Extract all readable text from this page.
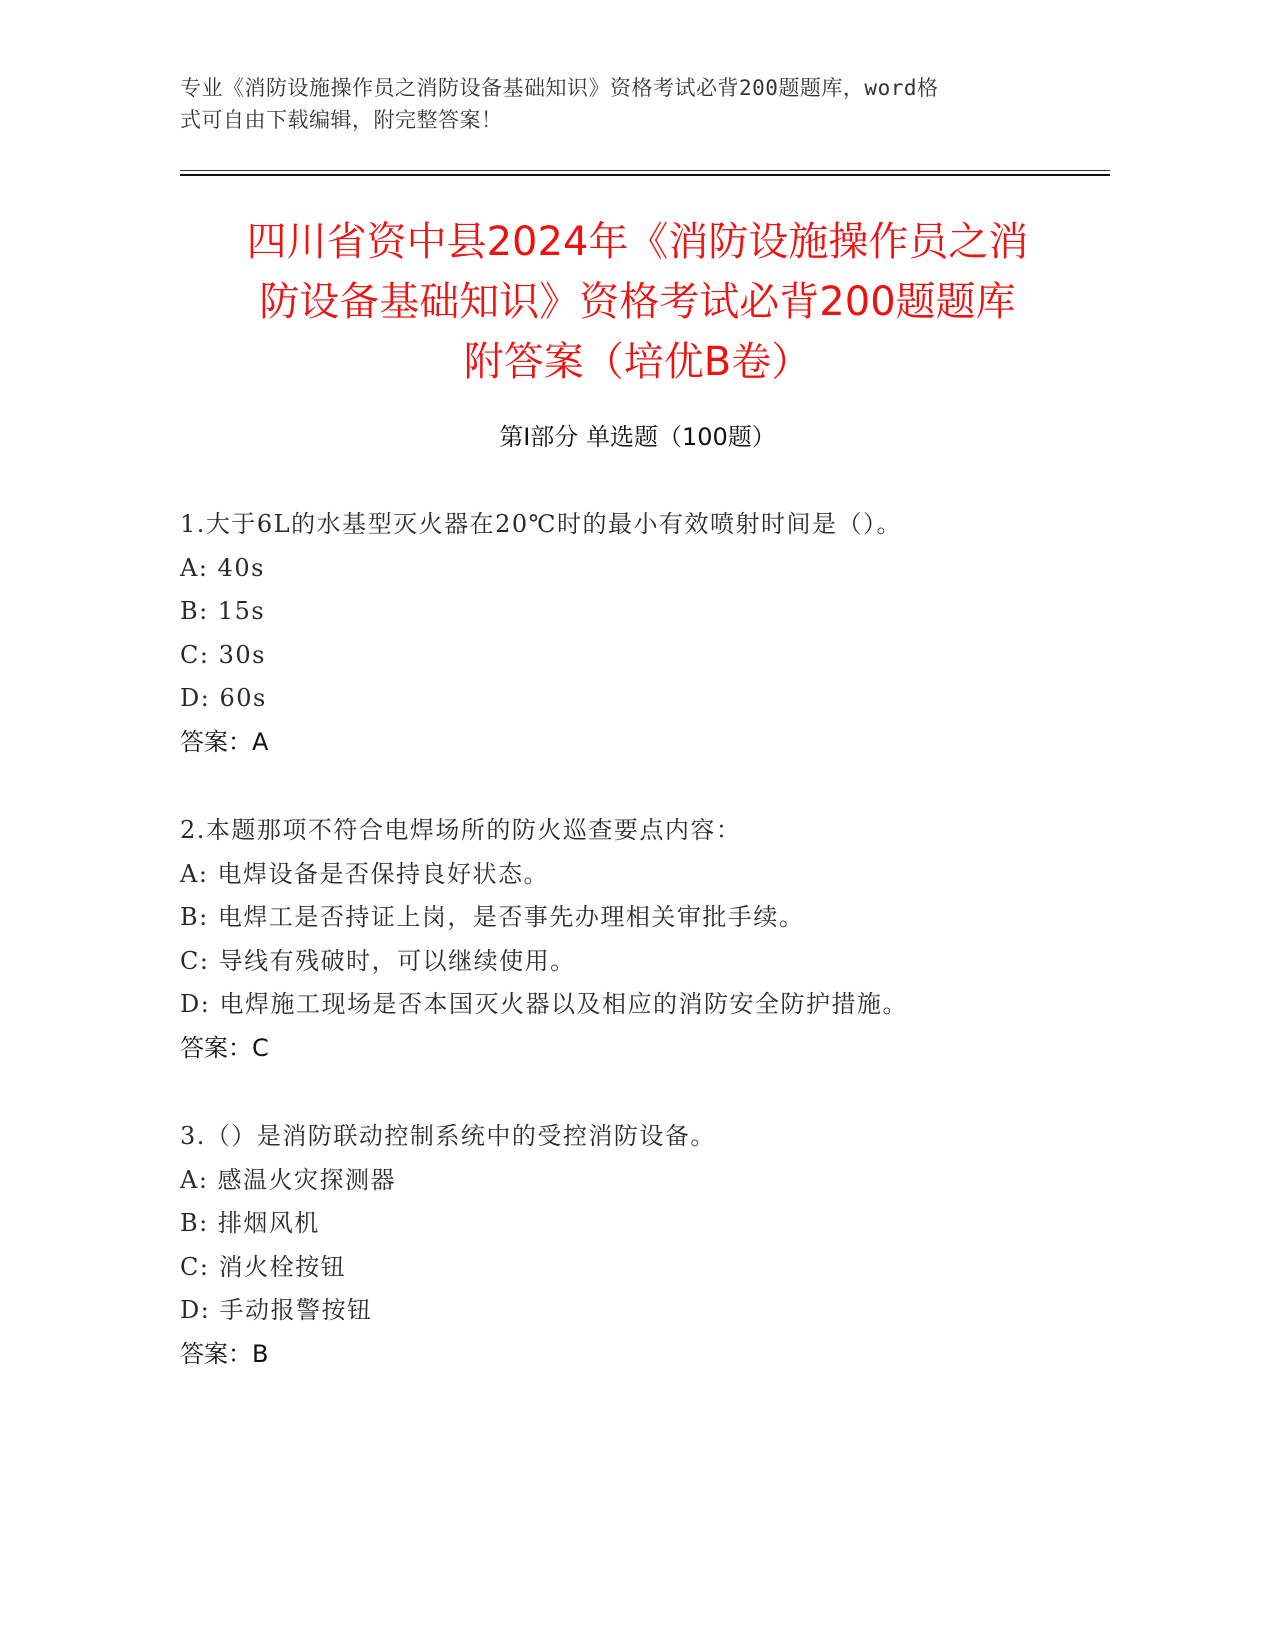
专业《消防设施操作员之消防设备基础知识》资格考试必背200题题库，word格
式可自由下载编辑，附完整答案！
四川省资中县2024年《消防设施操作员之消
防设备基础知识》资格考试必背200题题库
附答案（培优B卷）
第I部分 单选题（100题）
1.大于6L的水基型灭火器在20℃时的最小有效喷射时间是（）。
A: 40s
B: 15s
C: 30s
D: 60s
答案：A
2.本题那项不符合电焊场所的防火巡查要点内容：
A: 电焊设备是否保持良好状态。
B: 电焊工是否持证上岗，是否事先办理相关审批手续。
C: 导线有残破时，可以继续使用。
D: 电焊施工现场是否本国灭火器以及相应的消防安全防护措施。
答案：C
3.（）是消防联动控制系统中的受控消防设备。
A: 感温火灾探测器
B: 排烟风机
C: 消火栓按钮
D: 手动报警按钮
答案：B
